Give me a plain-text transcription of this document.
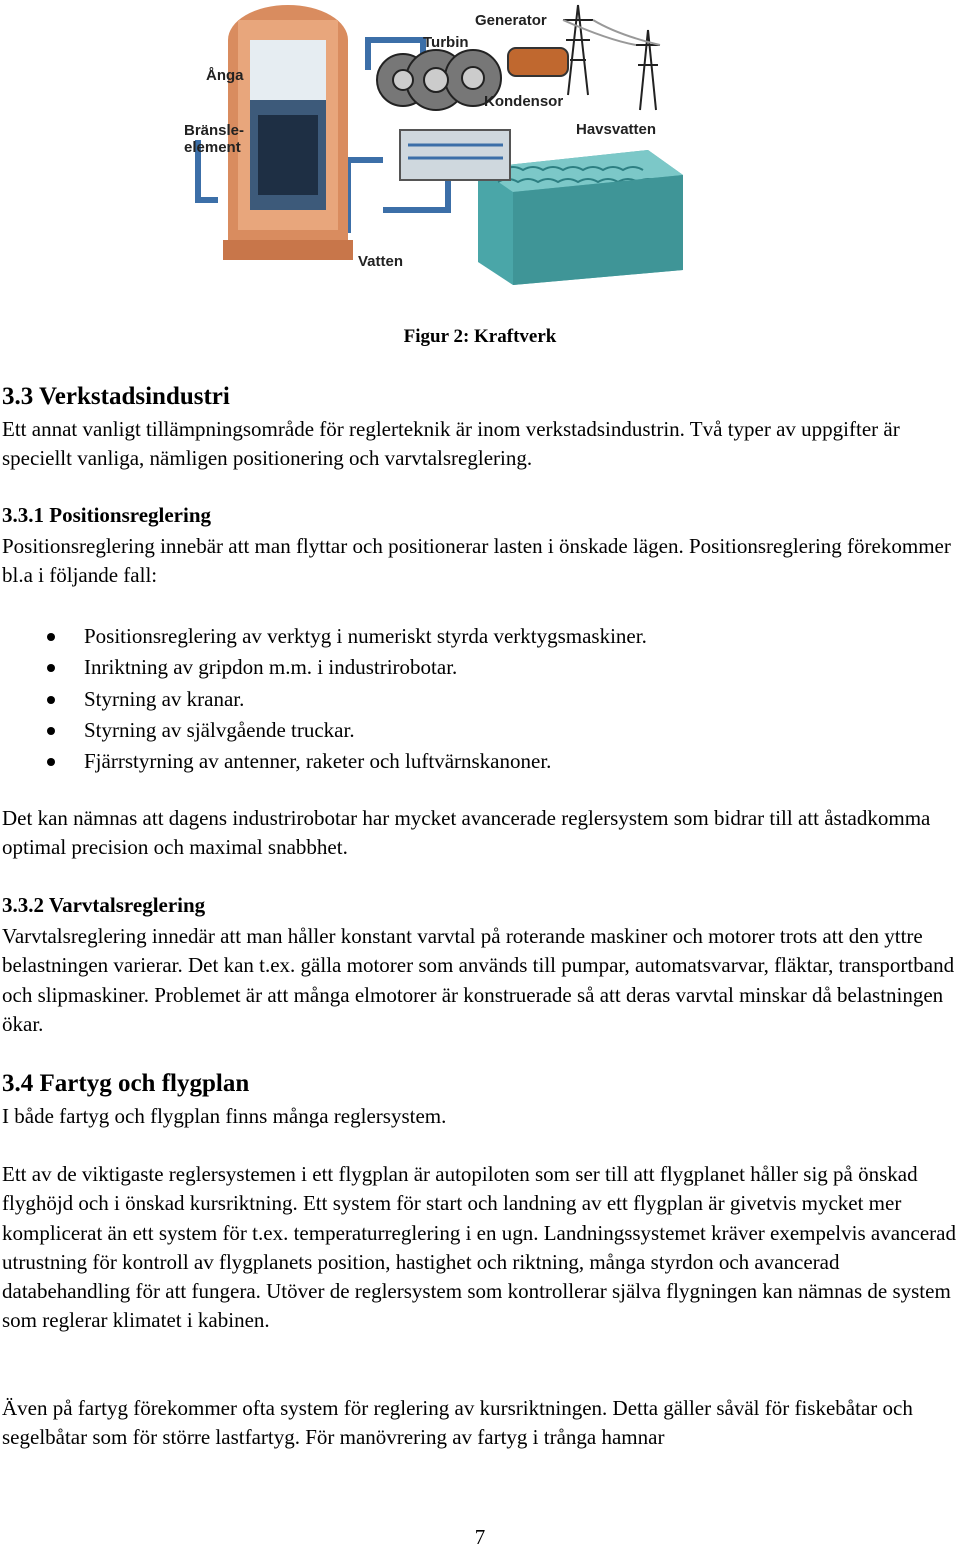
Generator
Turbin
Ånga
Kondensor
Bränsle-
element
Havsvatten
Vatten
Figur 2: Kraftverk
3.3 Verkstadsindustri
Ett annat vanligt tillämpningsområde för reglerteknik är inom verkstadsindustrin. Två typer av uppgifter är speciellt vanliga, nämligen positionering och varvtalsreglering.
3.3.1 Positionsreglering
Positionsreglering innebär att man flyttar och positionerar lasten i önskade lägen. Positionsreglering förekommer bl.a i följande fall:
Positionsreglering av verktyg i numeriskt styrda verktygsmaskiner.
Inriktning av gripdon m.m. i industrirobotar.
Styrning av kranar.
Styrning av självgående truckar.
Fjärrstyrning av antenner, raketer och luftvärnskanoner.
Det kan nämnas att dagens industrirobotar har mycket avancerade reglersystem som bidrar till att åstadkomma optimal precision och maximal snabbhet.
3.3.2 Varvtalsreglering
Varvtalsreglering innedär att man håller konstant varvtal på roterande maskiner och motorer trots att den yttre belastningen varierar. Det kan t.ex. gälla motorer som används till pumpar, automatsvarvar, fläktar, transportband och slipmaskiner. Problemet är att många elmotorer är konstruerade så att deras varvtal minskar då belastningen ökar.
3.4 Fartyg och flygplan
I både fartyg och flygplan finns många reglersystem.
Ett av de viktigaste reglersystemen i ett flygplan är autopiloten som ser till att flygplanet håller sig på önskad flyghöjd och i önskad kursriktning. Ett system för start och landning av ett flygplan är givetvis mycket mer komplicerat än ett system för t.ex. temperaturreglering i en ugn. Landningssystemet kräver exempelvis avancerad utrustning för kontroll av flygplanets position, hastighet och riktning, många styrdon och avancerad databehandling för att fungera. Utöver de reglersystem som kontrollerar själva flygningen kan nämnas de system som reglerar klimatet i kabinen.
Även på fartyg förekommer ofta system för reglering av kursriktningen. Detta gäller såväl för fiskebåtar och segelbåtar som för större lastfartyg. För manövrering av fartyg i trånga hamnar
7
